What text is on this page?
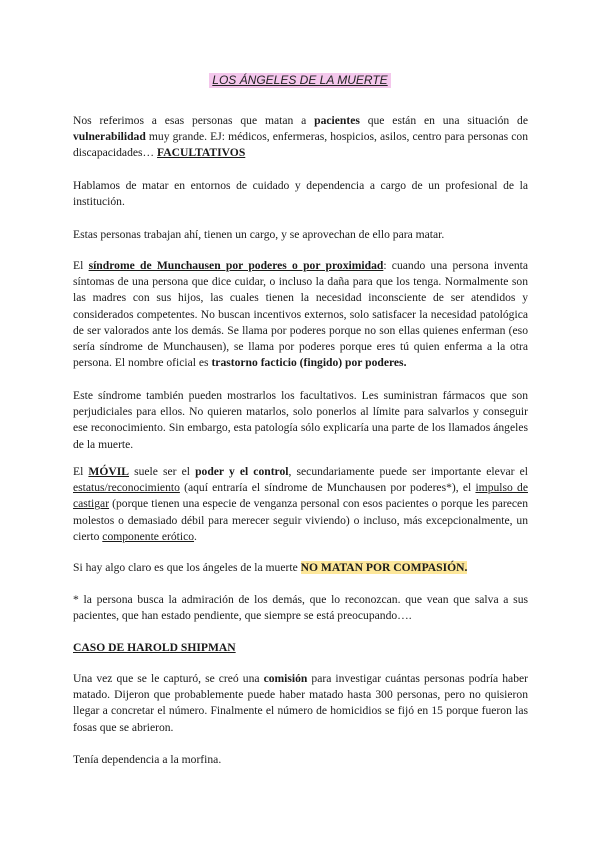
LOS ÁNGELES DE LA MUERTE

Nos referimos a esas personas que matan a pacientes que están en una situación de vulnerabilidad muy grande. EJ: médicos, enfermeras, hospicios, asilos, centro para personas con discapacidades… FACULTATIVOS

Hablamos de matar en entornos de cuidado y dependencia a cargo de un profesional de la institución.

Estas personas trabajan ahí, tienen un cargo, y se aprovechan de ello para matar.

El síndrome de Munchausen por poderes o por proximidad: cuando una persona inventa síntomas de una persona que dice cuidar, o incluso la daña para que los tenga. Normalmente son las madres con sus hijos, las cuales tienen la necesidad inconsciente de ser atendidos y considerados competentes. No buscan incentivos externos, solo satisfacer la necesidad patológica de ser valorados ante los demás. Se llama por poderes porque no son ellas quienes enferman (eso sería síndrome de Munchausen), se llama por poderes porque eres tú quien enferma a la otra persona. El nombre oficial es trastorno facticio (fingido) por poderes.

Este síndrome también pueden mostrarlos los facultativos. Les suministran fármacos que son perjudiciales para ellos. No quieren matarlos, solo ponerlos al límite para salvarlos y conseguir ese reconocimiento. Sin embargo, esta patología sólo explicaría una parte de los llamados ángeles de la muerte.

El MÓVIL suele ser el poder y el control, secundariamente puede ser importante elevar el estatus/reconocimiento (aquí entraría el síndrome de Munchausen por poderes*), el impulso de castigar (porque tienen una especie de venganza personal con esos pacientes o porque les parecen molestos o demasiado débil para merecer seguir viviendo) o incluso, más excepcionalmente, un cierto componente erótico.

Si hay algo claro es que los ángeles de la muerte NO MATAN POR COMPASIÓN.

* la persona busca la admiración de los demás, que lo reconozcan. que vean que salva a sus pacientes, que han estado pendiente, que siempre se está preocupando….

CASO DE HAROLD SHIPMAN

Una vez que se le capturó, se creó una comisión para investigar cuántas personas podría haber matado. Dijeron que probablemente puede haber matado hasta 300 personas, pero no quisieron llegar a concretar el número. Finalmente el número de homicidios se fijó en 15 porque fueron las fosas que se abrieron.

Tenía dependencia a la morfina.
